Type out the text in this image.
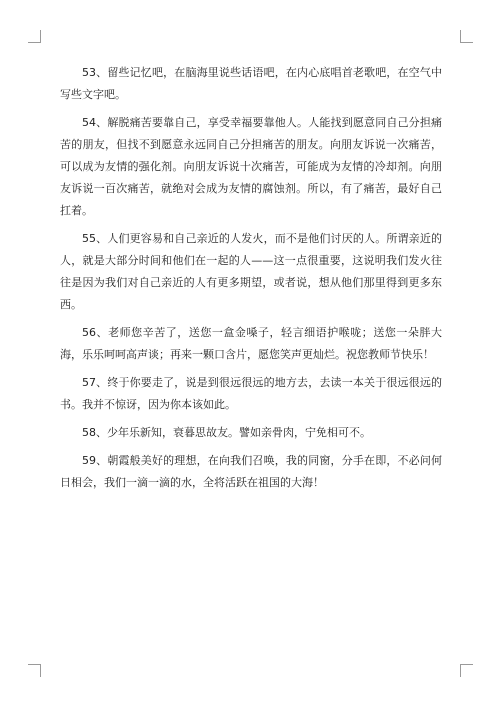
53、留些记忆吧，在脑海里说些话语吧，在内心底唱首老歌吧，在空气中写些文字吧。

54、解脱痛苦要靠自己，享受幸福要靠他人。人能找到愿意同自己分担痛苦的朋友，但找不到愿意永远同自己分担痛苦的朋友。向朋友诉说一次痛苦，可以成为友情的强化剂。向朋友诉说十次痛苦，可能成为友情的冷却剂。向朋友诉说一百次痛苦，就绝对会成为友情的腐蚀剂。所以，有了痛苦，最好自己扛着。

55、人们更容易和自己亲近的人发火，而不是他们讨厌的人。所谓亲近的人，就是大部分时间和他们在一起的人——这一点很重要，这说明我们发火往往是因为我们对自己亲近的人有更多期望，或者说，想从他们那里得到更多东西。

56、老师您辛苦了，送您一盒金嗓子，轻言细语护喉咙；送您一朵胖大海，乐乐呵呵高声谈；再来一颗口含片，愿您笑声更灿烂。祝您教师节快乐！

57、终于你要走了，说是到很远很远的地方去，去读一本关于很远很远的书。我并不惊讶，因为你本该如此。

58、少年乐新知，衰暮思故友。譬如亲骨肉，宁免相可不。

59、朝霞般美好的理想，在向我们召唤，我的同窗，分手在即，不必问何日相会，我们一滴一滴的水，全将活跃在祖国的大海！
